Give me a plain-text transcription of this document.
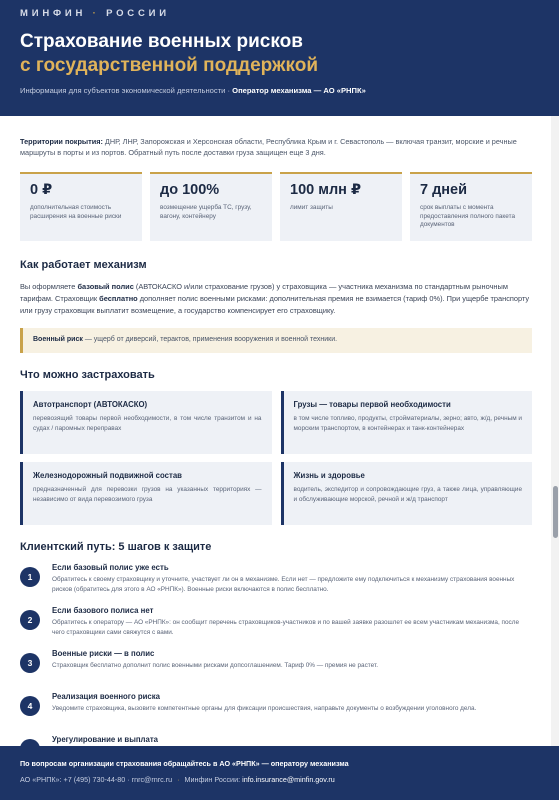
МИНФИН · РОССИИ
Страхование военных рисков
с государственной поддержкой
Информация для субъектов экономической деятельности · Оператор механизма — АО «РНПК»
Территории покрытия: ДНР, ЛНР, Запорожская и Херсонская области, Республика Крым и г. Севастополь — включая транзит, морские и речные маршруты в порты и из портов. Обратный путь после доставки груза защищен еще 3 дня.
0 ₽
дополнительная стоимость расширения на военные риски
до 100%
возмещение ущерба ТС, грузу, вагону, контейнеру
100 млн ₽
лимит защиты
7 дней
срок выплаты с момента предоставления полного пакета документов
Как работает механизм
Вы оформляете базовый полис (АВТОКАСКО и/или страхование грузов) у страховщика — участника механизма по стандартным рыночным тарифам. Страховщик бесплатно дополняет полис военными рисками: дополнительная премия не взимается (тариф 0%). При ущербе транспорту или грузу страховщик выплатит возмещение, а государство компенсирует его страховщику.
Военный риск — ущерб от диверсий, терактов, применения вооружения и военной техники.
Что можно застраховать
Автотранспорт (АВТОКАСКО)
перевозящий товары первой необходимости, в том числе транзитом и на судах / паромных переправах
Грузы — товары первой необходимости
в том числе топливо, продукты, стройматериалы, зерно; авто, ж/д, речным и морским транспортом, в контейнерах и танк-контейнерах
Железнодорожный подвижной состав
предназначенный для перевозки грузов на указанных территориях — независимо от вида перевозимого груза
Жизнь и здоровье
водитель, экспедитор и сопровождающие груз, а также лица, управляющие и обслуживающие морской, речной и ж/д транспорт
Клиентский путь: 5 шагов к защите
1
Если базовый полис уже есть
Обратитесь к своему страховщику и уточните, участвует ли он в механизме. Если нет — предложите ему подключиться к механизму страхования военных рисков (обратитесь для этого в АО «РНПК»). Военные риски включаются в полис бесплатно.
2
Если базового полиса нет
Обратитесь к оператору — АО «РНПК»: он сообщит перечень страховщиков-участников и по вашей заявке разошлет ее всем участникам механизма, после чего страховщики сами свяжутся с вами.
3
Военные риски — в полис
Страховщик бесплатно дополнит полис военными рисками допсоглашением. Тариф 0% — премия не растет.
4
Реализация военного риска
Уведомите страховщика, вызовите компетентные органы для фиксации происшествия, направьте документы о возбуждении уголовного дела.
Урегулирование и выплата
По вопросам организации страхования обращайтесь в АО «РНПК» — оператору механизма
АО «РНПК»: +7 (495) 730-44-80 · rnrc@rnrc.ru · Минфин России: info.insurance@minfin.gov.ru
